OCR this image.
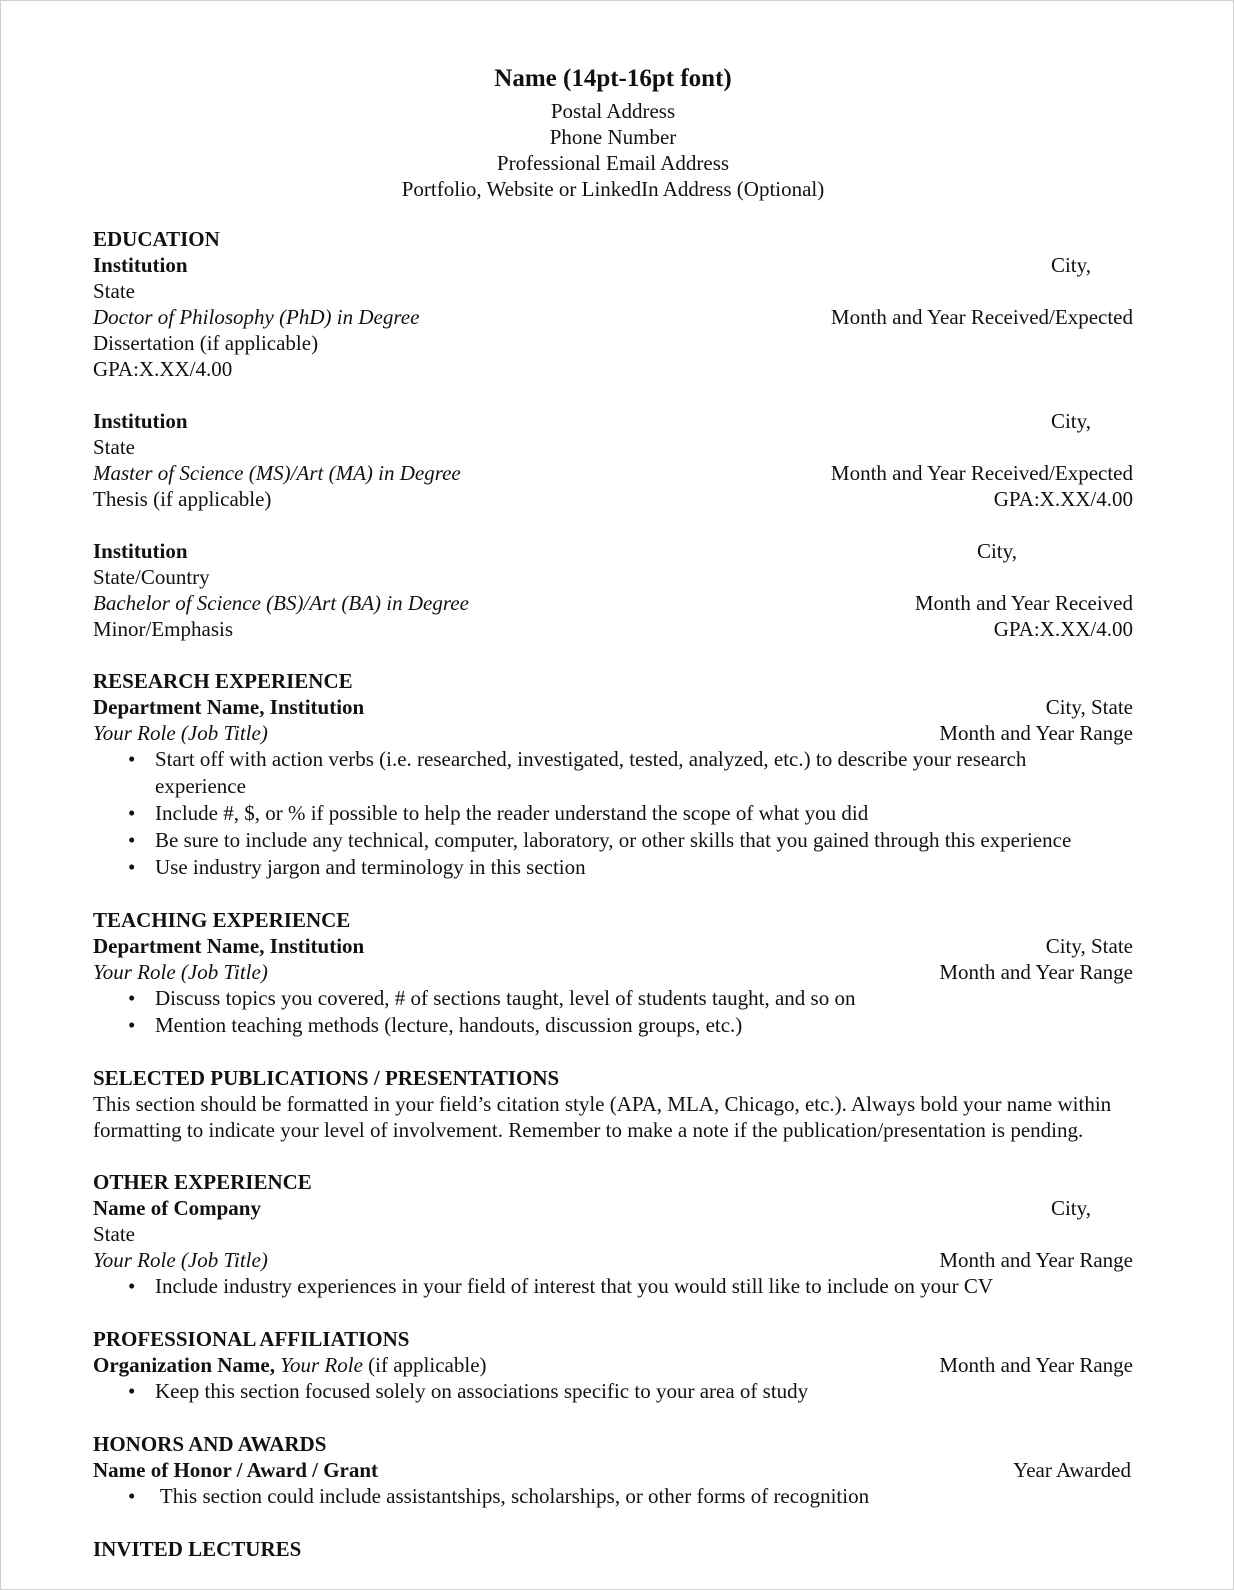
Name (14pt-16pt font)
Postal Address
Phone Number
Professional Email Address
Portfolio, Website or LinkedIn Address (Optional)
EDUCATION
Institution	City,
State
Doctor of Philosophy (PhD) in Degree	Month and Year Received/Expected
Dissertation (if applicable)
GPA:X.XX/4.00
Institution	City,
State
Master of Science (MS)/Art (MA) in Degree	Month and Year Received/Expected
Thesis (if applicable)	GPA:X.XX/4.00
Institution	City,
State/Country
Bachelor of Science (BS)/Art (BA) in Degree	Month and Year Received
Minor/Emphasis	GPA:X.XX/4.00
RESEARCH EXPERIENCE
Department Name, Institution	City, State
Your Role (Job Title)	Month and Year Range
• Start off with action verbs (i.e. researched, investigated, tested, analyzed, etc.) to describe your research experience
• Include #, $, or % if possible to help the reader understand the scope of what you did
• Be sure to include any technical, computer, laboratory, or other skills that you gained through this experience
• Use industry jargon and terminology in this section
TEACHING EXPERIENCE
Department Name, Institution	City, State
Your Role (Job Title)	Month and Year Range
• Discuss topics you covered, # of sections taught, level of students taught, and so on
• Mention teaching methods (lecture, handouts, discussion groups, etc.)
SELECTED PUBLICATIONS / PRESENTATIONS
This section should be formatted in your field’s citation style (APA, MLA, Chicago, etc.). Always bold your name within formatting to indicate your level of involvement. Remember to make a note if the publication/presentation is pending.
OTHER EXPERIENCE
Name of Company	City,
State
Your Role (Job Title)	Month and Year Range
• Include industry experiences in your field of interest that you would still like to include on your CV
PROFESSIONAL AFFILIATIONS
Organization Name, Your Role (if applicable)	Month and Year Range
• Keep this section focused solely on associations specific to your area of study
HONORS AND AWARDS
Name of Honor / Award / Grant	Year Awarded
•  This section could include assistantships, scholarships, or other forms of recognition
INVITED LECTURES
